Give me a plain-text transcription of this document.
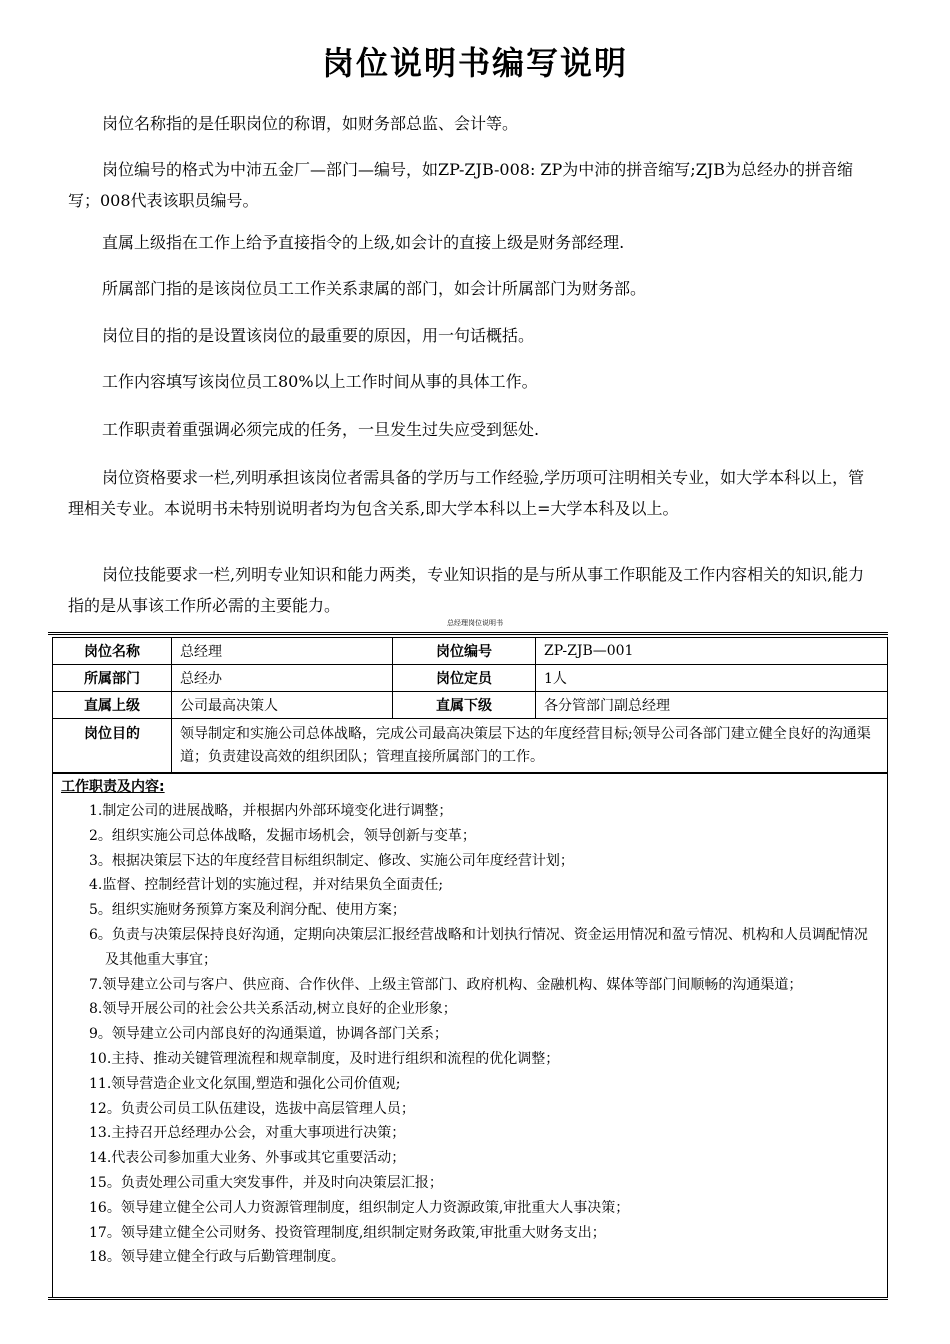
岗位说明书编写说明

岗位名称指的是任职岗位的称谓，如财务部总监、会计等。

岗位编号的格式为中沛五金厂—部门—编号，如ZP-ZJB-008: ZP为中沛的拼音缩写;ZJB为总经办的拼音缩写；008代表该职员编号。

直属上级指在工作上给予直接指令的上级,如会计的直接上级是财务部经理.

所属部门指的是该岗位员工工作关系隶属的部门，如会计所属部门为财务部。

岗位目的指的是设置该岗位的最重要的原因，用一句话概括。

工作内容填写该岗位员工80%以上工作时间从事的具体工作。

工作职责着重强调必须完成的任务，一旦发生过失应受到惩处.

岗位资格要求一栏,列明承担该岗位者需具备的学历与工作经验,学历项可注明相关专业，如大学本科以上，管理相关专业。本说明书未特别说明者均为包含关系,即大学本科以上=大学本科及以上。

岗位技能要求一栏,列明专业知识和能力两类，专业知识指的是与所从事工作职能及工作内容相关的知识,能力指的是从事该工作所必需的主要能力。

总经理岗位说明书
岗位名称	总经理	岗位编号	ZP-ZJB—001
所属部门	总经办	岗位定员	1人
直属上级	公司最高决策人	直属下级	各分管部门副总经理
岗位目的	领导制定和实施公司总体战略，完成公司最高决策层下达的年度经营目标;领导公司各部门建立健全良好的沟通渠道；负责建设高效的组织团队；管理直接所属部门的工作。		
工作职责及内容:
1.制定公司的进展战略，并根据内外部环境变化进行调整；
2。组织实施公司总体战略，发掘市场机会，领导创新与变革；
3。根据决策层下达的年度经营目标组织制定、修改、实施公司年度经营计划；
4.监督、控制经营计划的实施过程，并对结果负全面责任;
5。组织实施财务预算方案及利润分配、使用方案；
6。负责与决策层保持良好沟通，定期向决策层汇报经营战略和计划执行情况、资金运用情况和盈亏情况、机构和人员调配情况及其他重大事宜；
7.领导建立公司与客户、供应商、合作伙伴、上级主管部门、政府机构、金融机构、媒体等部门间顺畅的沟通渠道；
8.领导开展公司的社会公共关系活动,树立良好的企业形象；
9。领导建立公司内部良好的沟通渠道，协调各部门关系；
10.主持、推动关键管理流程和规章制度，及时进行组织和流程的优化调整；
11.领导营造企业文化氛围,塑造和强化公司价值观;
12。负责公司员工队伍建设，选拔中高层管理人员；
13.主持召开总经理办公会，对重大事项进行决策；
14.代表公司参加重大业务、外事或其它重要活动；
15。负责处理公司重大突发事件，并及时向决策层汇报；
16。领导建立健全公司人力资源管理制度，组织制定人力资源政策,审批重大人事决策；
17。领导建立健全公司财务、投资管理制度,组织制定财务政策,审批重大财务支出；
18。领导建立健全行政与后勤管理制度。
